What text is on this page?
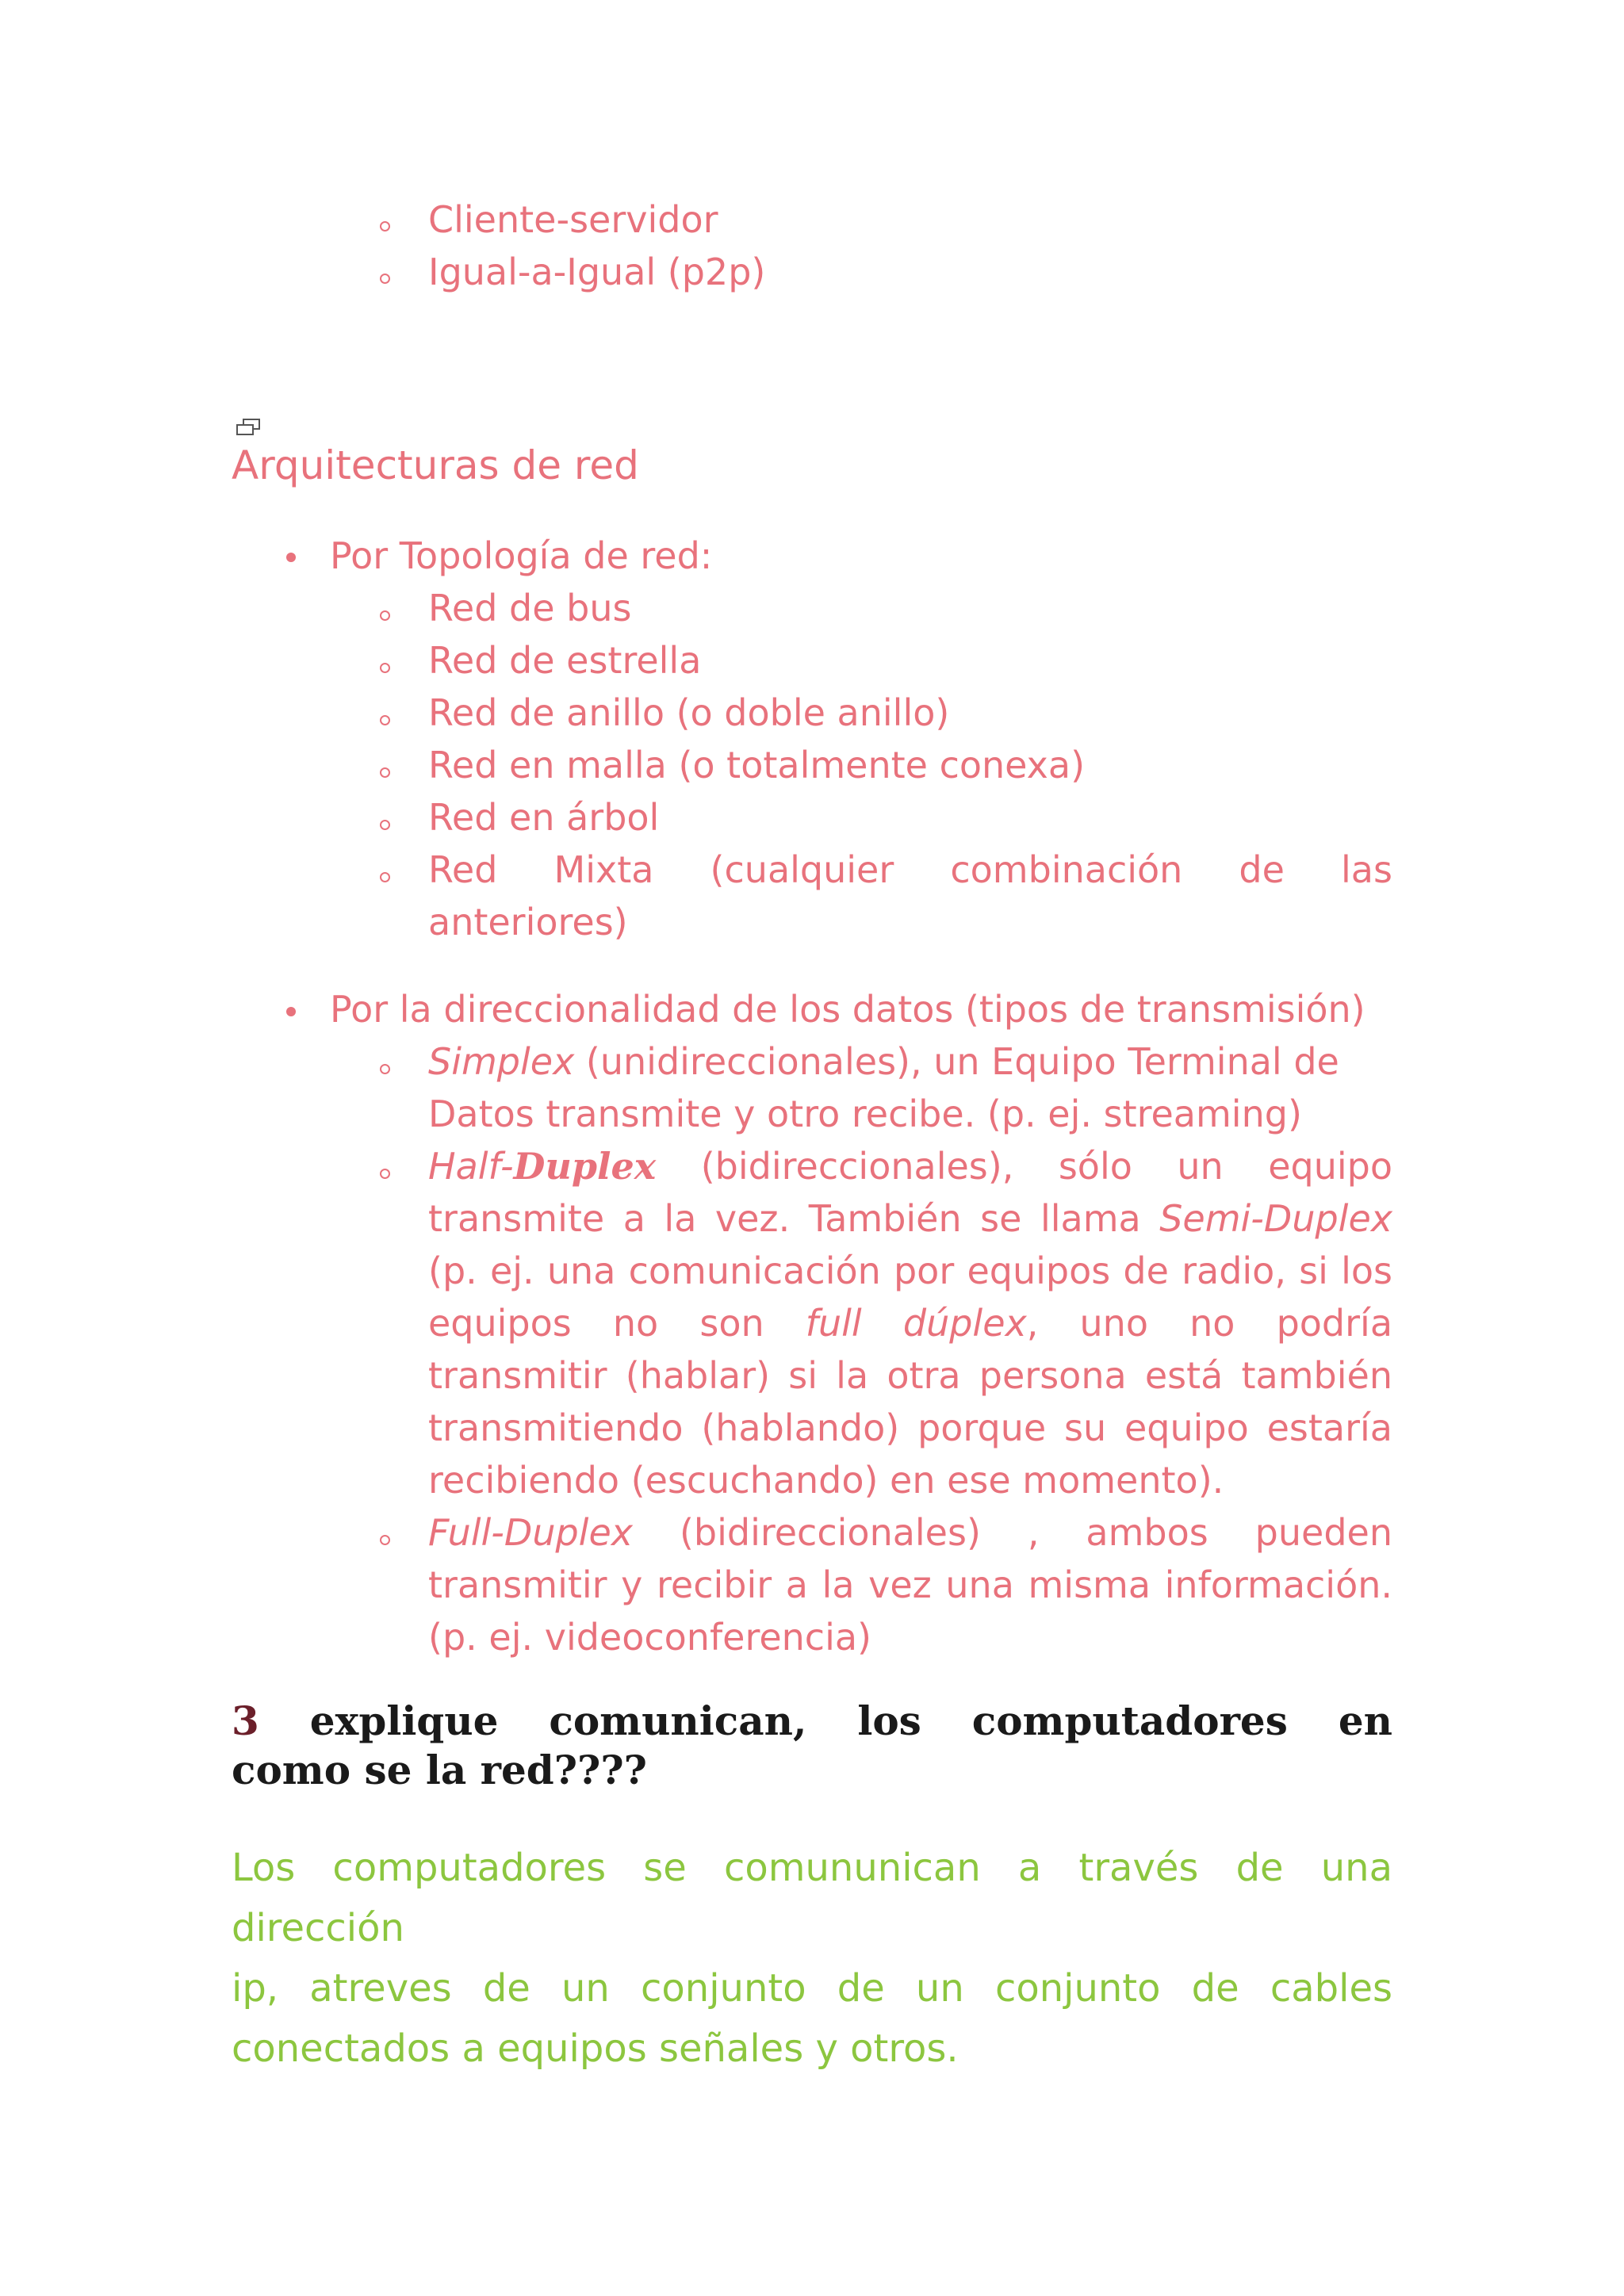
Cliente-servidor
Igual-a-Igual (p2p)
Arquitecturas de red
Por Topología de red:
Red de bus
Red de estrella
Red de anillo (o doble anillo)
Red en malla (o totalmente conexa)
Red en árbol
Red Mixta (cualquier combinación de las
anteriores)
Por la direccionalidad de los datos (tipos de transmisión)
Simplex (unidireccionales), un Equipo Terminal de
Datos transmite y otro recibe. (p. ej. streaming)
Half-Duplex (bidireccionales), sólo un equipo
transmite a la vez. También se llama Semi-Duplex
(p. ej. una comunicación por equipos de radio, si los
equipos no son full dúplex, uno no podría
transmitir (hablar) si la otra persona está también
transmitiendo (hablando) porque su equipo estaría
recibiendo (escuchando) en ese momento).
Full-Duplex (bidireccionales) , ambos pueden
transmitir y recibir a la vez una misma información.
(p. ej. videoconferencia)
3 explique comunican, los computadores en
como se la red????
Los computadores se comununican a través de una dirección
ip, atreves de un conjunto de un conjunto de cables
conectados a equipos señales y otros.
